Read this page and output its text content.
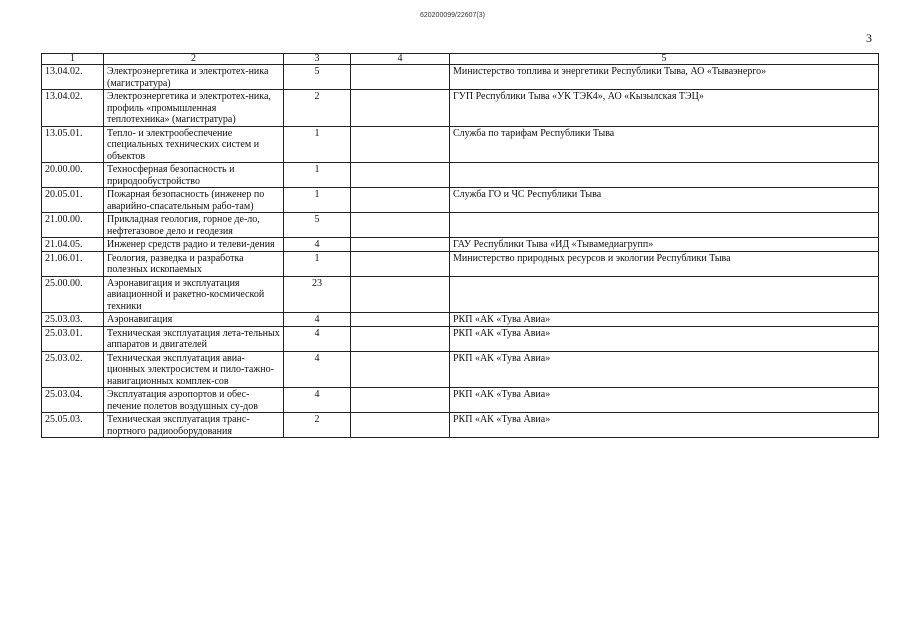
620200099/22607(3)
3
1	2	3	4	5
13.04.02.	Электроэнергетика и электротех-ника (магистратура)	5		Министерство топлива и энергетики Республики Тыва, АО «Тываэнерго»
13.04.02.	Электроэнергетика и электротех-ника, профиль «промышленная теплотехника» (магистратура)	2		ГУП Республики Тыва «УК ТЭК4», АО «Кызылская ТЭЦ»
13.05.01.	Тепло- и электрообеспечение специальных технических систем и объектов	1		Служба по тарифам Республики Тыва
20.00.00.	Техносферная безопасность и природообустройство	1		
20.05.01.	Пожарная безопасность (инженер по аварийно-спасательным рабо-там)	1		Служба ГО и ЧС Республики Тыва
21.00.00.	Прикладная геология, горное де-ло, нефтегазовое дело и геодезия	5		
21.04.05.	Инженер средств радио и телеви-дения	4		ГАУ Республики Тыва «ИД «Тывамедиагрупп»
21.06.01.	Геология, разведка и разработка полезных ископаемых	1		Министерство природных ресурсов и экологии Республики Тыва
25.00.00.	Аэронавигация и эксплуатация авиационной и ракетно-космической техники	23		
25.03.03.	Аэронавигация	4		РКП «АК «Тува Авиа»
25.03.01.	Техническая эксплуатация лета-тельных аппаратов и двигателей	4		РКП «АК «Тува Авиа»
25.03.02.	Техническая эксплуатация авиа-ционных электросистем и пило-тажно-навигационных комплек-сов	4		РКП «АК «Тува Авиа»
25.03.04.	Эксплуатация аэропортов и обес-печение полетов воздушных су-дов	4		РКП «АК «Тува Авиа»
25.05.03.	Техническая эксплуатация транс-портного радиооборудования	2		РКП «АК «Тува Авиа»
